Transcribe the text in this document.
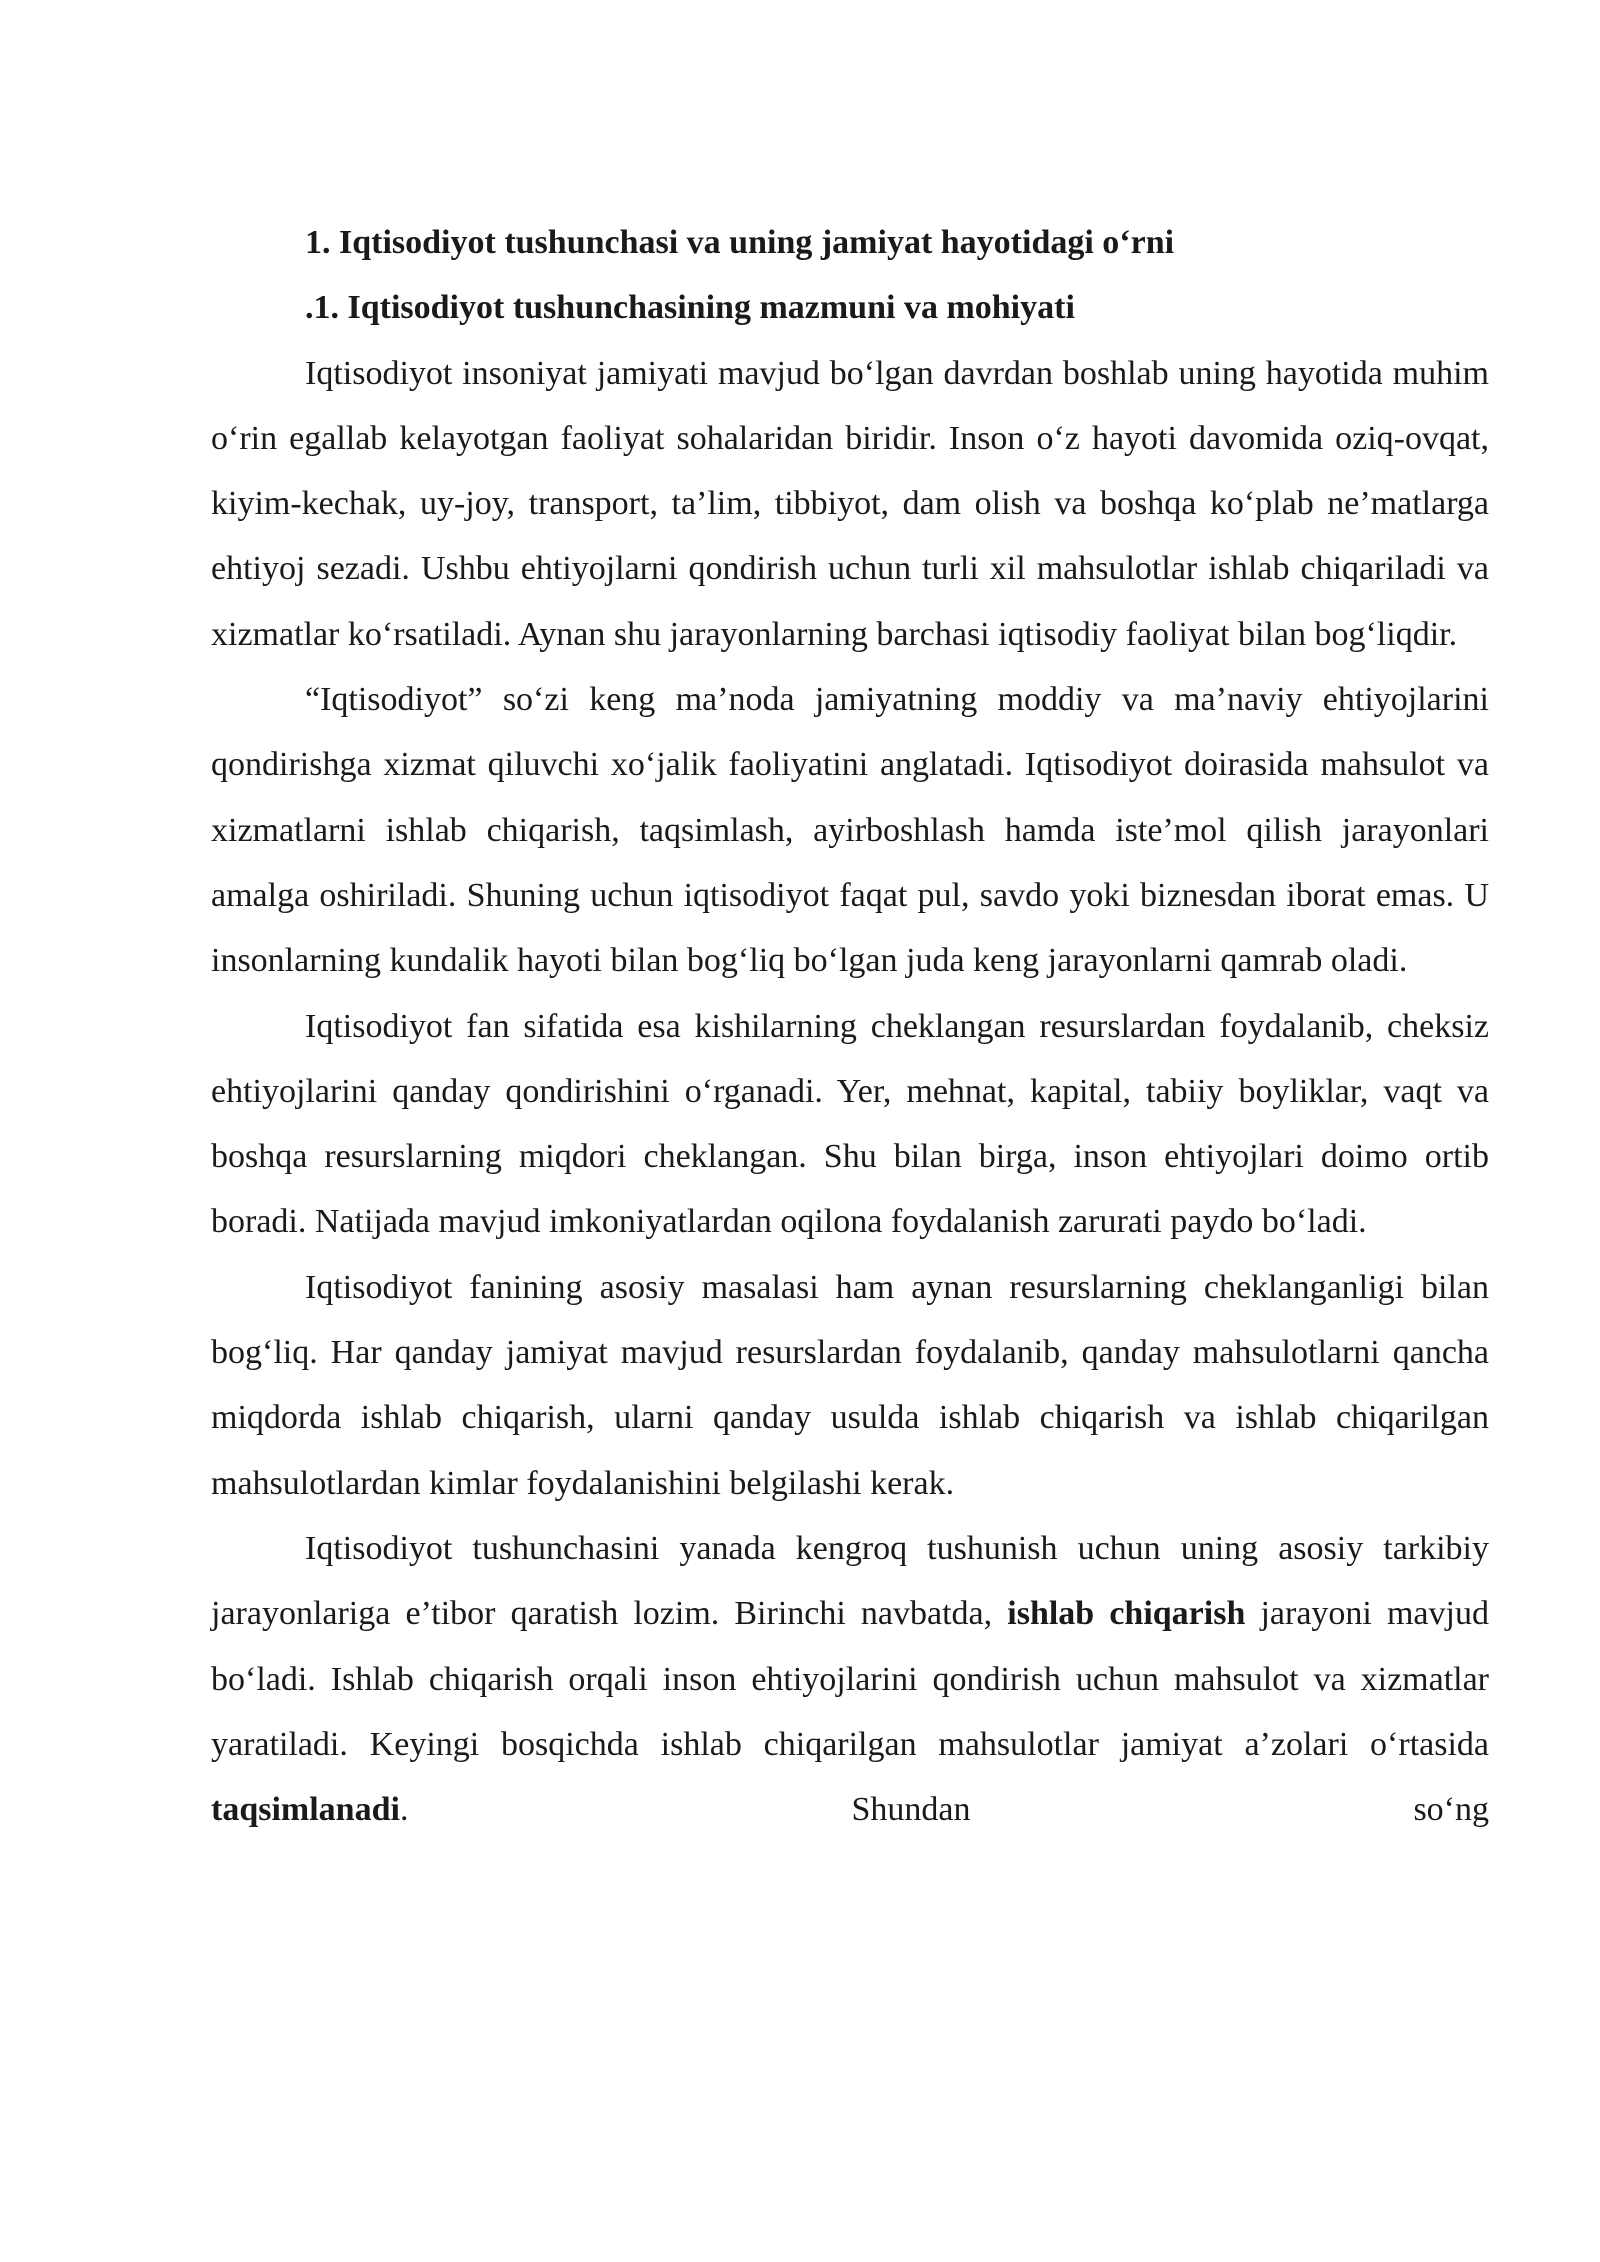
1. Iqtisodiyot tushunchasi va uning jamiyat hayotidagi o‘rni
.1. Iqtisodiyot tushunchasining mazmuni va mohiyati

Iqtisodiyot insoniyat jamiyati mavjud bo‘lgan davrdan boshlab uning hayotida muhim o‘rin egallab kelayotgan faoliyat sohalaridan biridir. Inson o‘z hayoti davomida oziq-ovqat, kiyim-kechak, uy-joy, transport, ta’lim, tibbiyot, dam olish va boshqa ko‘plab ne’matlarga ehtiyoj sezadi. Ushbu ehtiyojlarni qondirish uchun turli xil mahsulotlar ishlab chiqariladi va xizmatlar ko‘rsatiladi. Aynan shu jarayonlarning barchasi iqtisodiy faoliyat bilan bog‘liqdir.

“Iqtisodiyot” so‘zi keng ma’noda jamiyatning moddiy va ma’naviy ehtiyojlarini qondirishga xizmat qiluvchi xo‘jalik faoliyatini anglatadi. Iqtisodiyot doirasida mahsulot va xizmatlarni ishlab chiqarish, taqsimlash, ayirboshlash hamda iste’mol qilish jarayonlari amalga oshiriladi. Shuning uchun iqtisodiyot faqat pul, savdo yoki biznesdan iborat emas. U insonlarning kundalik hayoti bilan bog‘liq bo‘lgan juda keng jarayonlarni qamrab oladi.

Iqtisodiyot fan sifatida esa kishilarning cheklangan resurslardan foydalanib, cheksiz ehtiyojlarini qanday qondirishini o‘rganadi. Yer, mehnat, kapital, tabiiy boyliklar, vaqt va boshqa resurslarning miqdori cheklangan. Shu bilan birga, inson ehtiyojlari doimo ortib boradi. Natijada mavjud imkoniyatlardan oqilona foydalanish zarurati paydo bo‘ladi.

Iqtisodiyot fanining asosiy masalasi ham aynan resurslarning cheklanganligi bilan bog‘liq. Har qanday jamiyat mavjud resurslardan foydalanib, qanday mahsulotlarni qancha miqdorda ishlab chiqarish, ularni qanday usulda ishlab chiqarish va ishlab chiqarilgan mahsulotlardan kimlar foydalanishini belgilashi kerak.

Iqtisodiyot tushunchasini yanada kengroq tushunish uchun uning asosiy tarkibiy jarayonlariga e’tibor qaratish lozim. Birinchi navbatda, ishlab chiqarish jarayoni mavjud bo‘ladi. Ishlab chiqarish orqali inson ehtiyojlarini qondirish uchun mahsulot va xizmatlar yaratiladi. Keyingi bosqichda ishlab chiqarilgan mahsulotlar jamiyat a’zolari o‘rtasida taqsimlanadi. Shundan so‘ng
